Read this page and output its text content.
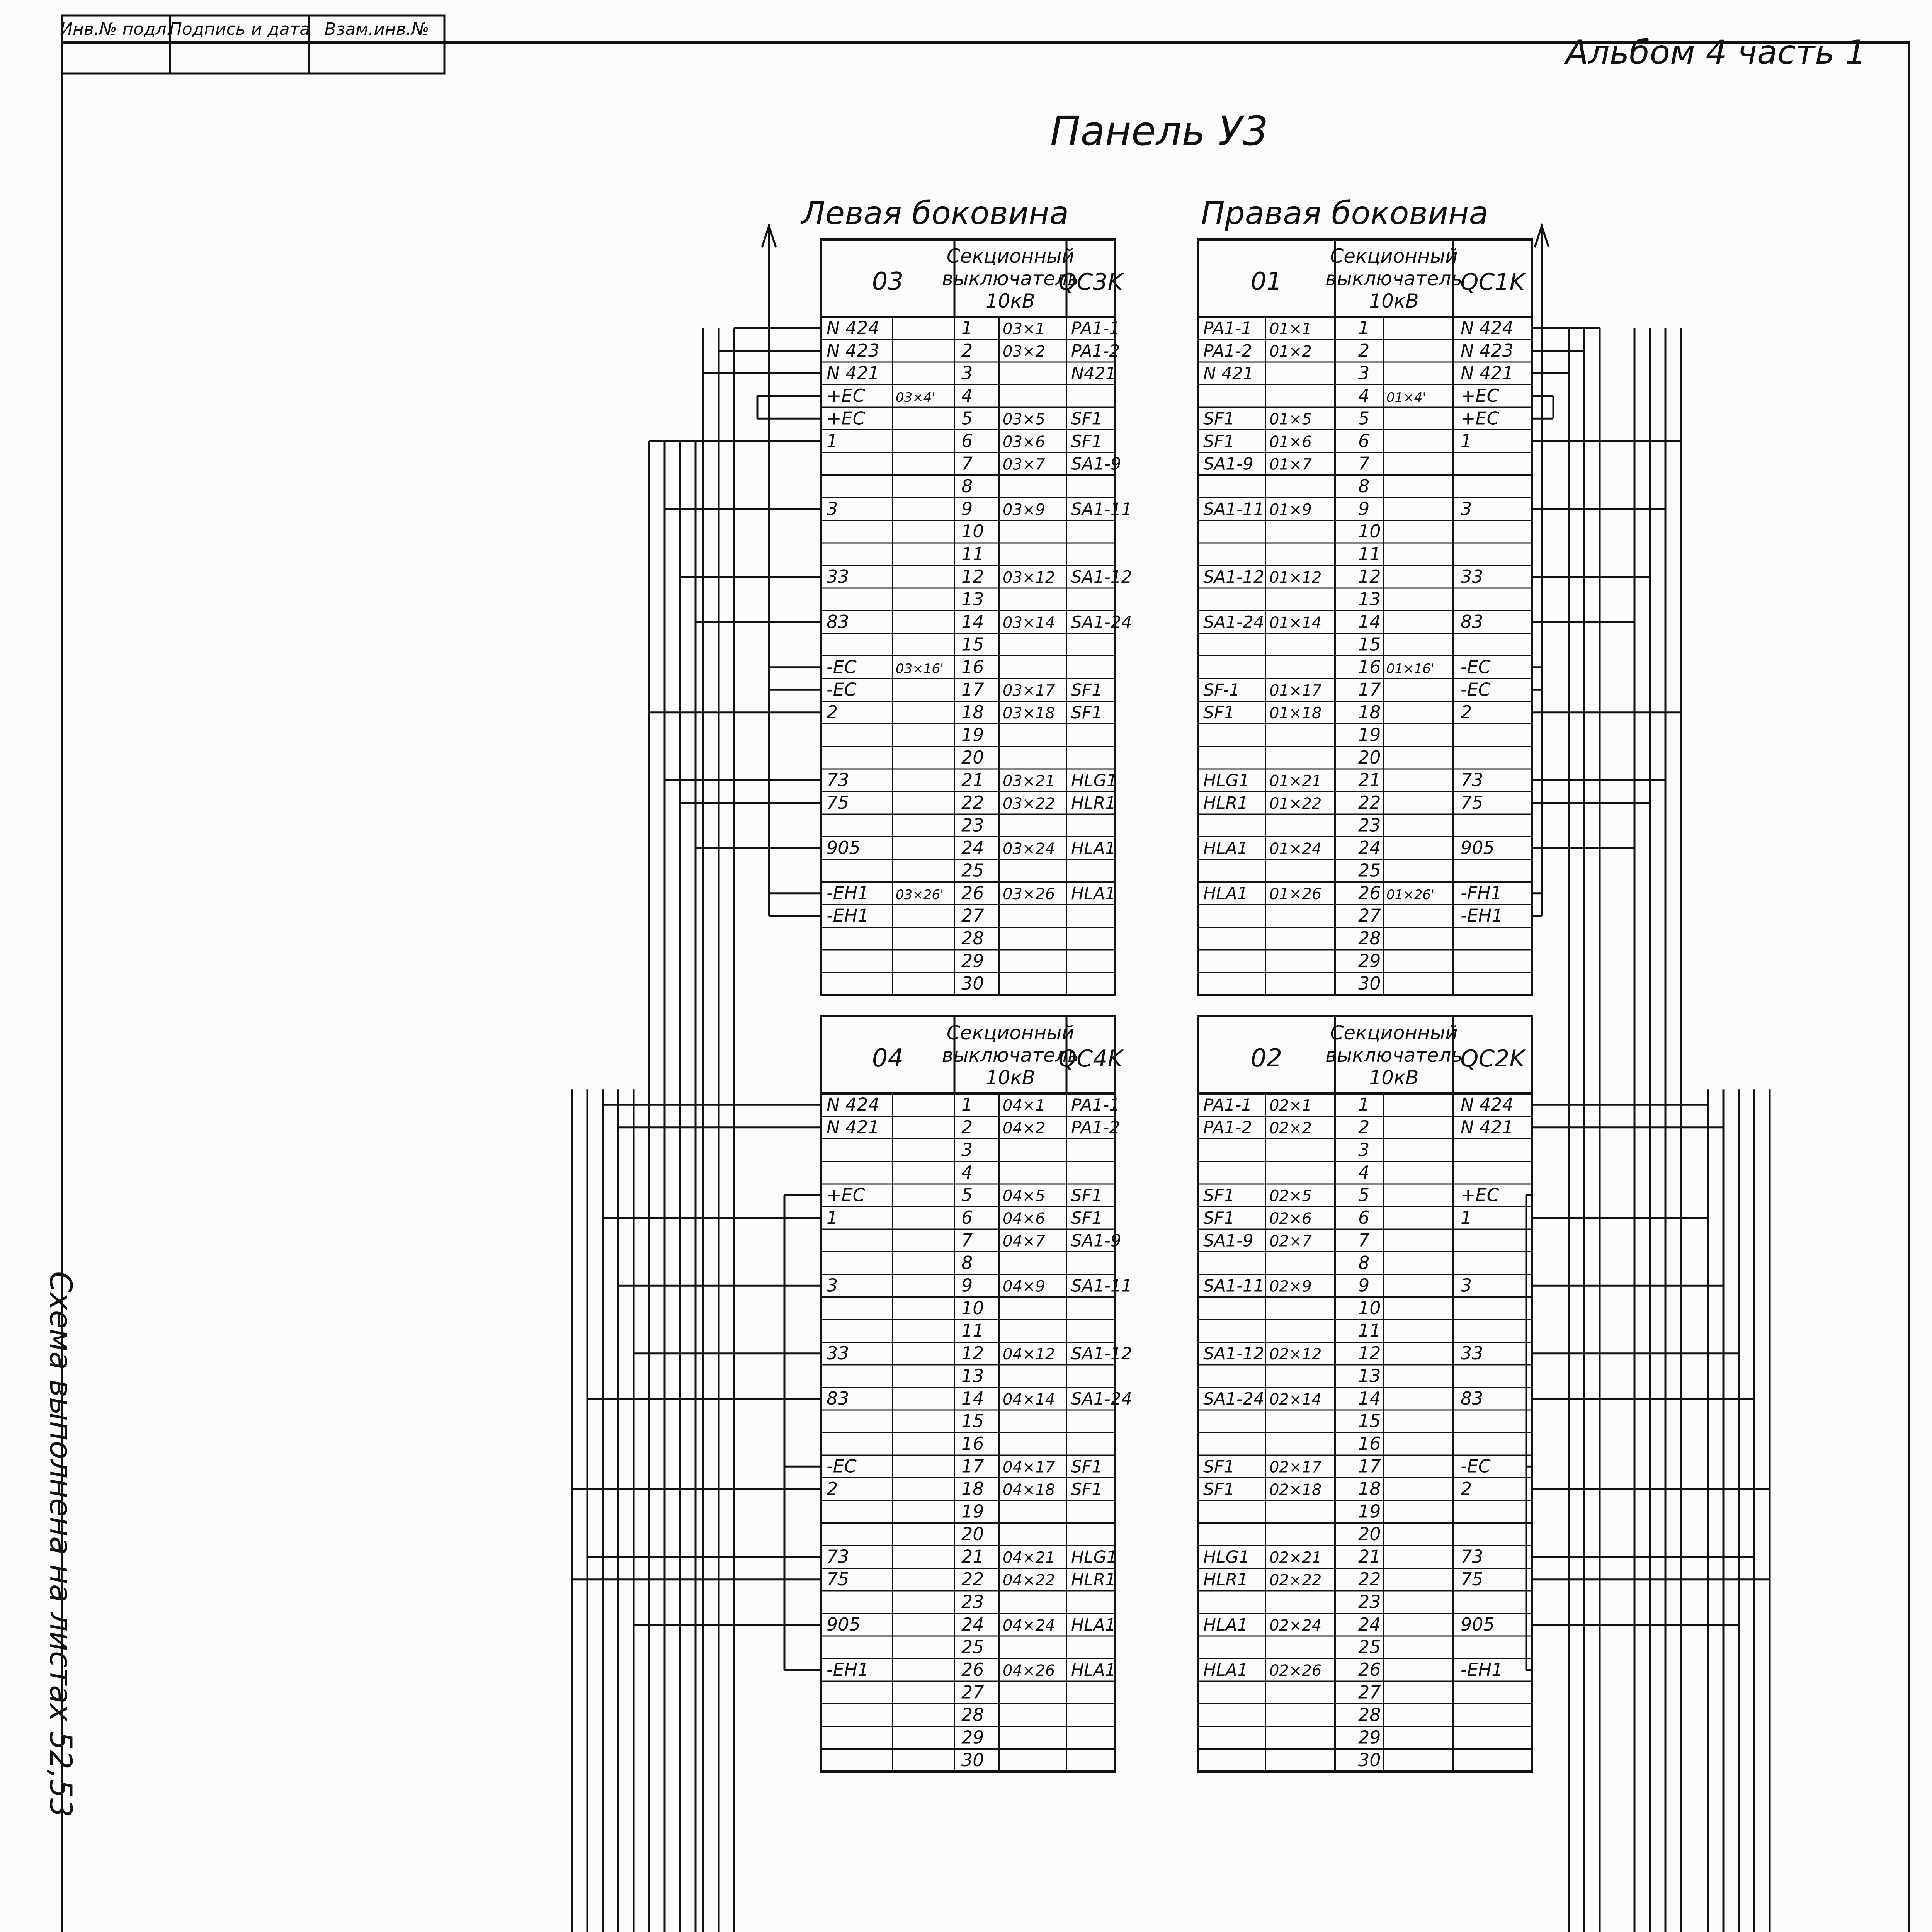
Инв.№ подл.
Подпись и дата Взам.инв.№
Альбом 4 часть 1
Панель У3
Левая боковина	Правая боковина
03	QC3K
Секционный
выключатель
10кВ
N 424	1 03×1 PA1-1
N 423	2 03×2 PA1-2
N 421	3	N421
+EC 03×4' 4
+EC	5 03×5 SF1
1	6 03×6 SF1
7 03×7 SA1-9
8
3	9 03×9 SA1-11
10
11
33	12 03×12 SA1-12
13
83	14 03×14 SA1-24
15
-EC	03×16' 16
-EC	17 03×17 SF1
2	18 03×18 SF1
19
20
73	21 03×21 HLG1
75	22 03×22 HLR1
23
905	24 03×24 HLA1
25
-EH1 03×26' 26 03×26 HLA1
-EH1	27
28
29
30
01	QC1K
Секционный
выключатель
10кВ
PA1-1 01×1	1	N 424
PA1-2 01×2	2	N 423
N 421	3	N 421
4 01×4' +EC
SF1 01×5	5	+EC
SF1 01×6	6	1
SA1-9 01×7	7
8
SA1-11 01×9	9	3
10
11
SA1-12 01×12 12	33
13
SA1-24 01×14 14	83
15
16 01×16' -EC
SF-1 01×17 17	-EC
SF1 01×18 18	2
19
20
HLG1 01×21 21	73
HLR1 01×22 22	75
23
HLA1 01×24 24	905
25
HLA1 01×26 26 01×26' -FH1
27	-EH1
28
29
30
04	QC4K
Секционный
выключатель
10кВ
N 424	1 04×1 PA1-1
N 421	2 04×2 PA1-2
3
4
+EC	5 04×5 SF1
1	6 04×6 SF1
7 04×7 SA1-9
8
3	9 04×9 SA1-11
10
11
33	12 04×12 SA1-12
13
83	14 04×14 SA1-24
15
16
-EC	17 04×17 SF1
2	18 04×18 SF1
19
20
73	21 04×21 HLG1
75	22 04×22 HLR1
23
905	24 04×24 HLA1
25
-EH1	26 04×26 HLA1
27
28
29
30
02	QC2K
Секционный
выключатель
10кВ
PA1-1 02×1	1	N 424
PA1-2 02×2	2	N 421
3
4
SF1 02×5	5	+EC
SF1 02×6	6	1
SA1-9 02×7	7
8
SA1-11 02×9	9	3
10
11
SA1-12 02×12 12	33
13
SA1-24 02×14 14	83
15
16
SF1 02×17 17	-EC
SF1 02×18 18	2
19
20
HLG1 02×21 21	73
HLR1 02×22 22	75
23
HLA1 02×24 24	905
25
HLA1 02×26 26	-EH1
27
28
29
30
Схема выполнена на листах 52,53
